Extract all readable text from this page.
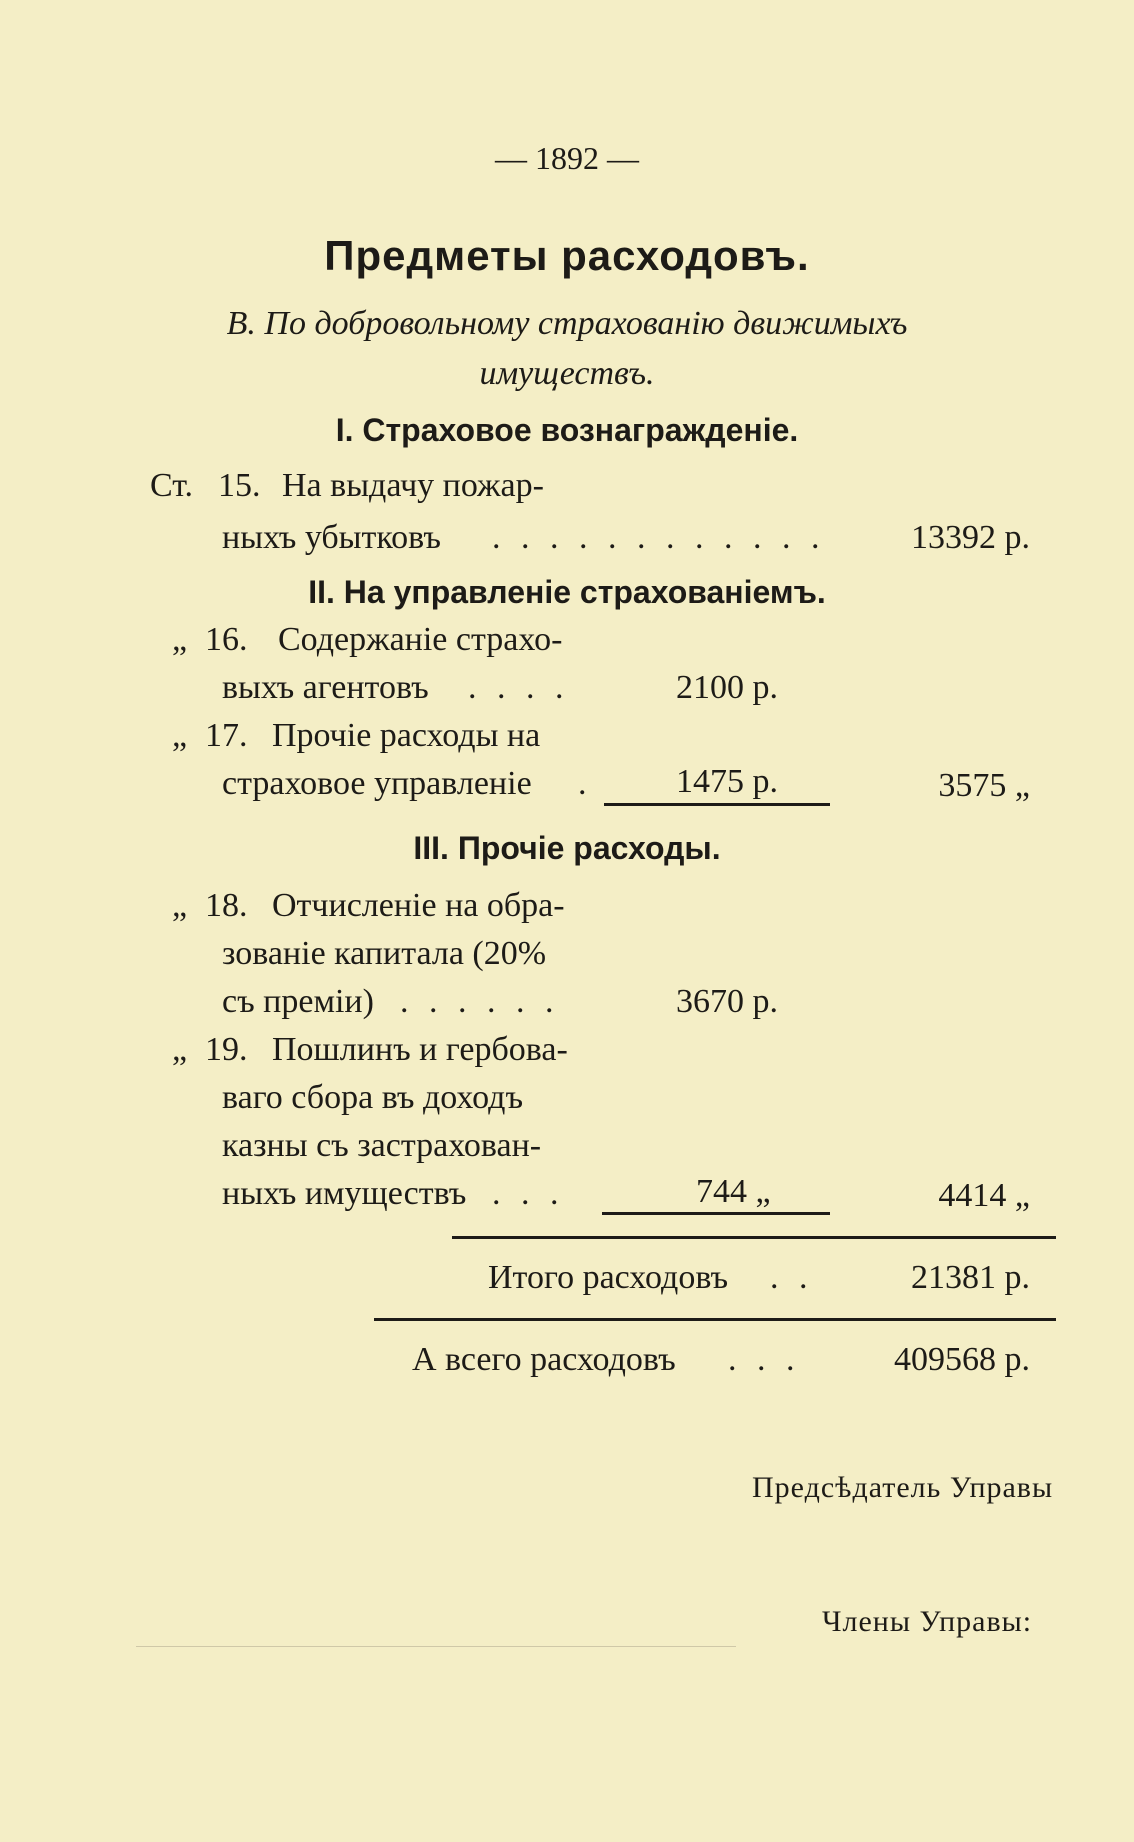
— 1892 —
Предметы расходовъ.
В. По добровольному страхованію движимыхъ
имуществъ.
I. Страховое вознагражденіе.
Ст. 15. На выдачу пожар-
ныхъ убытковъ . . . . . . . . . . . .	13392 р.
II. На управленіе страхованіемъ.
„ 16. Содержаніе страхо-
выхъ агентовъ . . . .	2100 р.
„ 17. Прочіе расходы на
страховое управленіе .	1475 р.	3575 „
III. Прочіе расходы.
„ 18. Отчисленіе на обра-
зованіе капитала (20%
съ преміи) . . . . . .	3670 р.
„ 19. Пошлинъ и гербова-
ваго сбора въ доходъ
казны съ застрахован-
ныхъ имуществъ . . .	744 „	4414 „
Итого расходовъ . .	21381 р.
А всего расходовъ . . .	409568 р.
Предсѣдатель Управы
Члены Управы:
